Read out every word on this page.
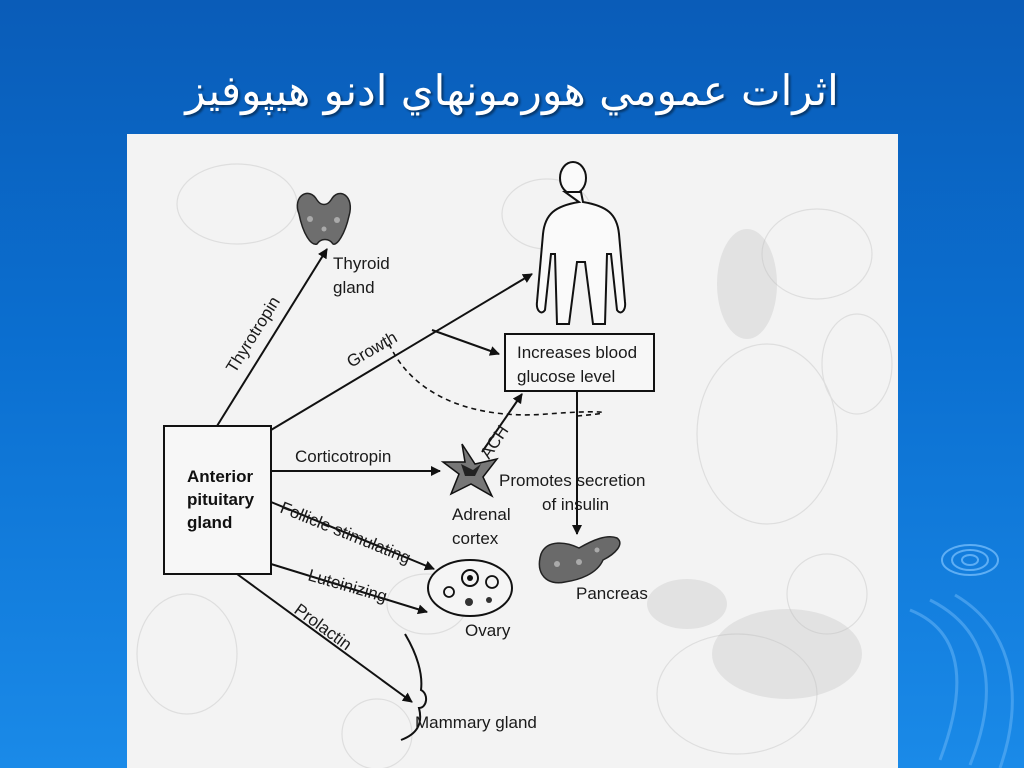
اثرات عمومي هورمونهاي ادنو هيپوفيز
Anterior
pituitary
gland
Thyrotropin	Growth
Corticotropin
Follicle stimulating
Luteinizing
Prolactin
ACH
Thyroid
gland
Increases blood
glucose level
Adrenal
cortex
Promotes secretion
of insulin
Pancreas
Ovary
Mammary gland
